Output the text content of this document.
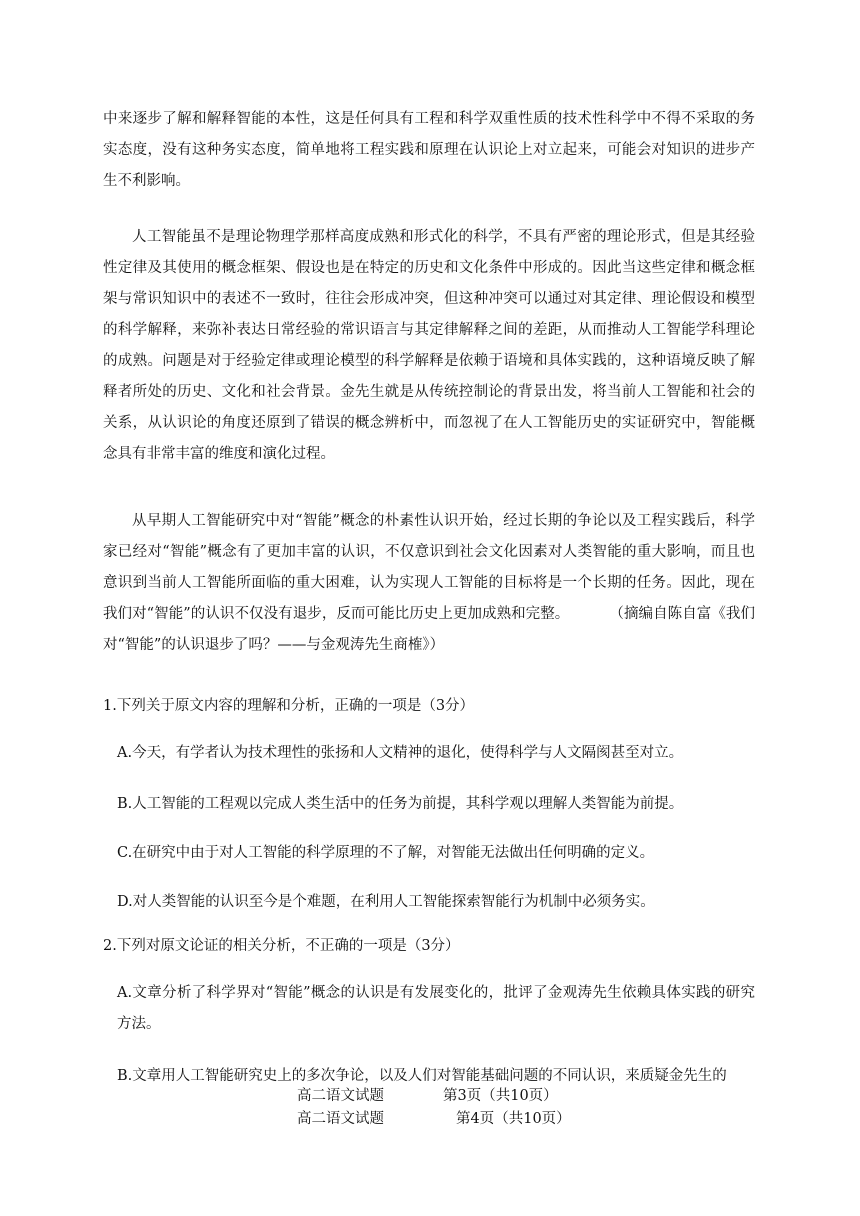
中来逐步了解和解释智能的本性，这是任何具有工程和科学双重性质的技术性科学中不得不采取的务实态度，没有这种务实态度，简单地将工程实践和原理在认识论上对立起来，可能会对知识的进步产生不利影响。
人工智能虽不是理论物理学那样高度成熟和形式化的科学，不具有严密的理论形式，但是其经验性定律及其使用的概念框架、假设也是在特定的历史和文化条件中形成的。因此当这些定律和概念框架与常识知识中的表述不一致时，往往会形成冲突，但这种冲突可以通过对其定律、理论假设和模型的科学解释，来弥补表达日常经验的常识语言与其定律解释之间的差距，从而推动人工智能学科理论的成熟。问题是对于经验定律或理论模型的科学解释是依赖于语境和具体实践的，这种语境反映了解释者所处的历史、文化和社会背景。金先生就是从传统控制论的背景出发，将当前人工智能和社会的关系，从认识论的角度还原到了错误的概念辨析中，而忽视了在人工智能历史的实证研究中，智能概念具有非常丰富的维度和演化过程。
从早期人工智能研究中对“智能”概念的朴素性认识开始，经过长期的争论以及工程实践后，科学家已经对“智能”概念有了更加丰富的认识，不仅意识到社会文化因素对人类智能的重大影响，而且也意识到当前人工智能所面临的重大困难，认为实现人工智能的目标将是一个长期的任务。因此，现在我们对“智能”的认识不仅没有退步，反而可能比历史上更加成熟和完整。	（摘编自陈自富《我们对“智能”的认识退步了吗？——与金观涛先生商榷》）
1.下列关于原文内容的理解和分析，正确的一项是（3分）
A.今天，有学者认为技术理性的张扬和人文精神的退化，使得科学与人文隔阂甚至对立。
B.人工智能的工程观以完成人类生活中的任务为前提，其科学观以理解人类智能为前提。
C.在研究中由于对人工智能的科学原理的不了解，对智能无法做出任何明确的定义。
D.对人类智能的认识至今是个难题，在利用人工智能探索智能行为机制中必须务实。
2.下列对原文论证的相关分析，不正确的一项是（3分）
A.文章分析了科学界对“智能”概念的认识是有发展变化的，批评了金观涛先生依赖具体实践的研究方法。
B.文章用人工智能研究史上的多次争论，以及人们对智能基础问题的不同认识，来质疑金先生的
高二语文试题	第3页（共10页）
高二语文试题	第4页（共10页）
